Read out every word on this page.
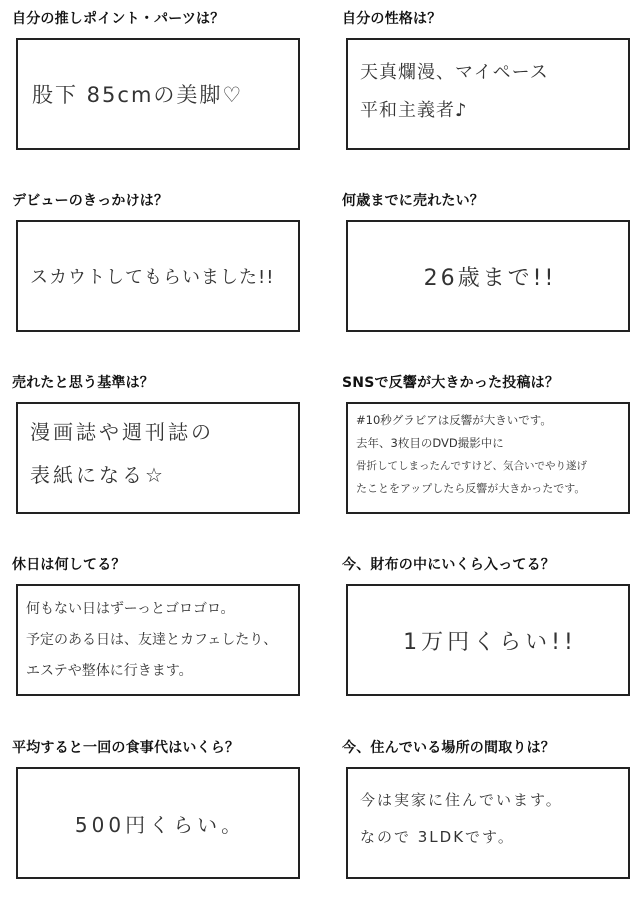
自分の推しポイント・パーツは？
股下 85cmの美脚♡
自分の性格は？
天真爛漫、マイペース
平和主義者♪
デビューのきっかけは？
スカウトしてもらいました!!
何歳までに売れたい？
26歳まで!!
売れたと思う基準は？
漫画誌や週刊誌の
表紙になる☆
SNSで反響が大きかった投稿は？
#10秒グラビアは反響が大きいです。
去年、3枚目のDVD撮影中に
骨折してしまったんですけど、気合いでやり遂げ
たことをアップしたら反響が大きかったです。
休日は何してる？
何もない日はずーっとゴロゴロ。
予定のある日は、友達とカフェしたり、
エステや整体に行きます。
今、財布の中にいくら入ってる？
1万円くらい!!
平均すると一回の食事代はいくら？
500円くらい。
今、住んでいる場所の間取りは？
今は実家に住んでいます。
なので 3LDKです。
